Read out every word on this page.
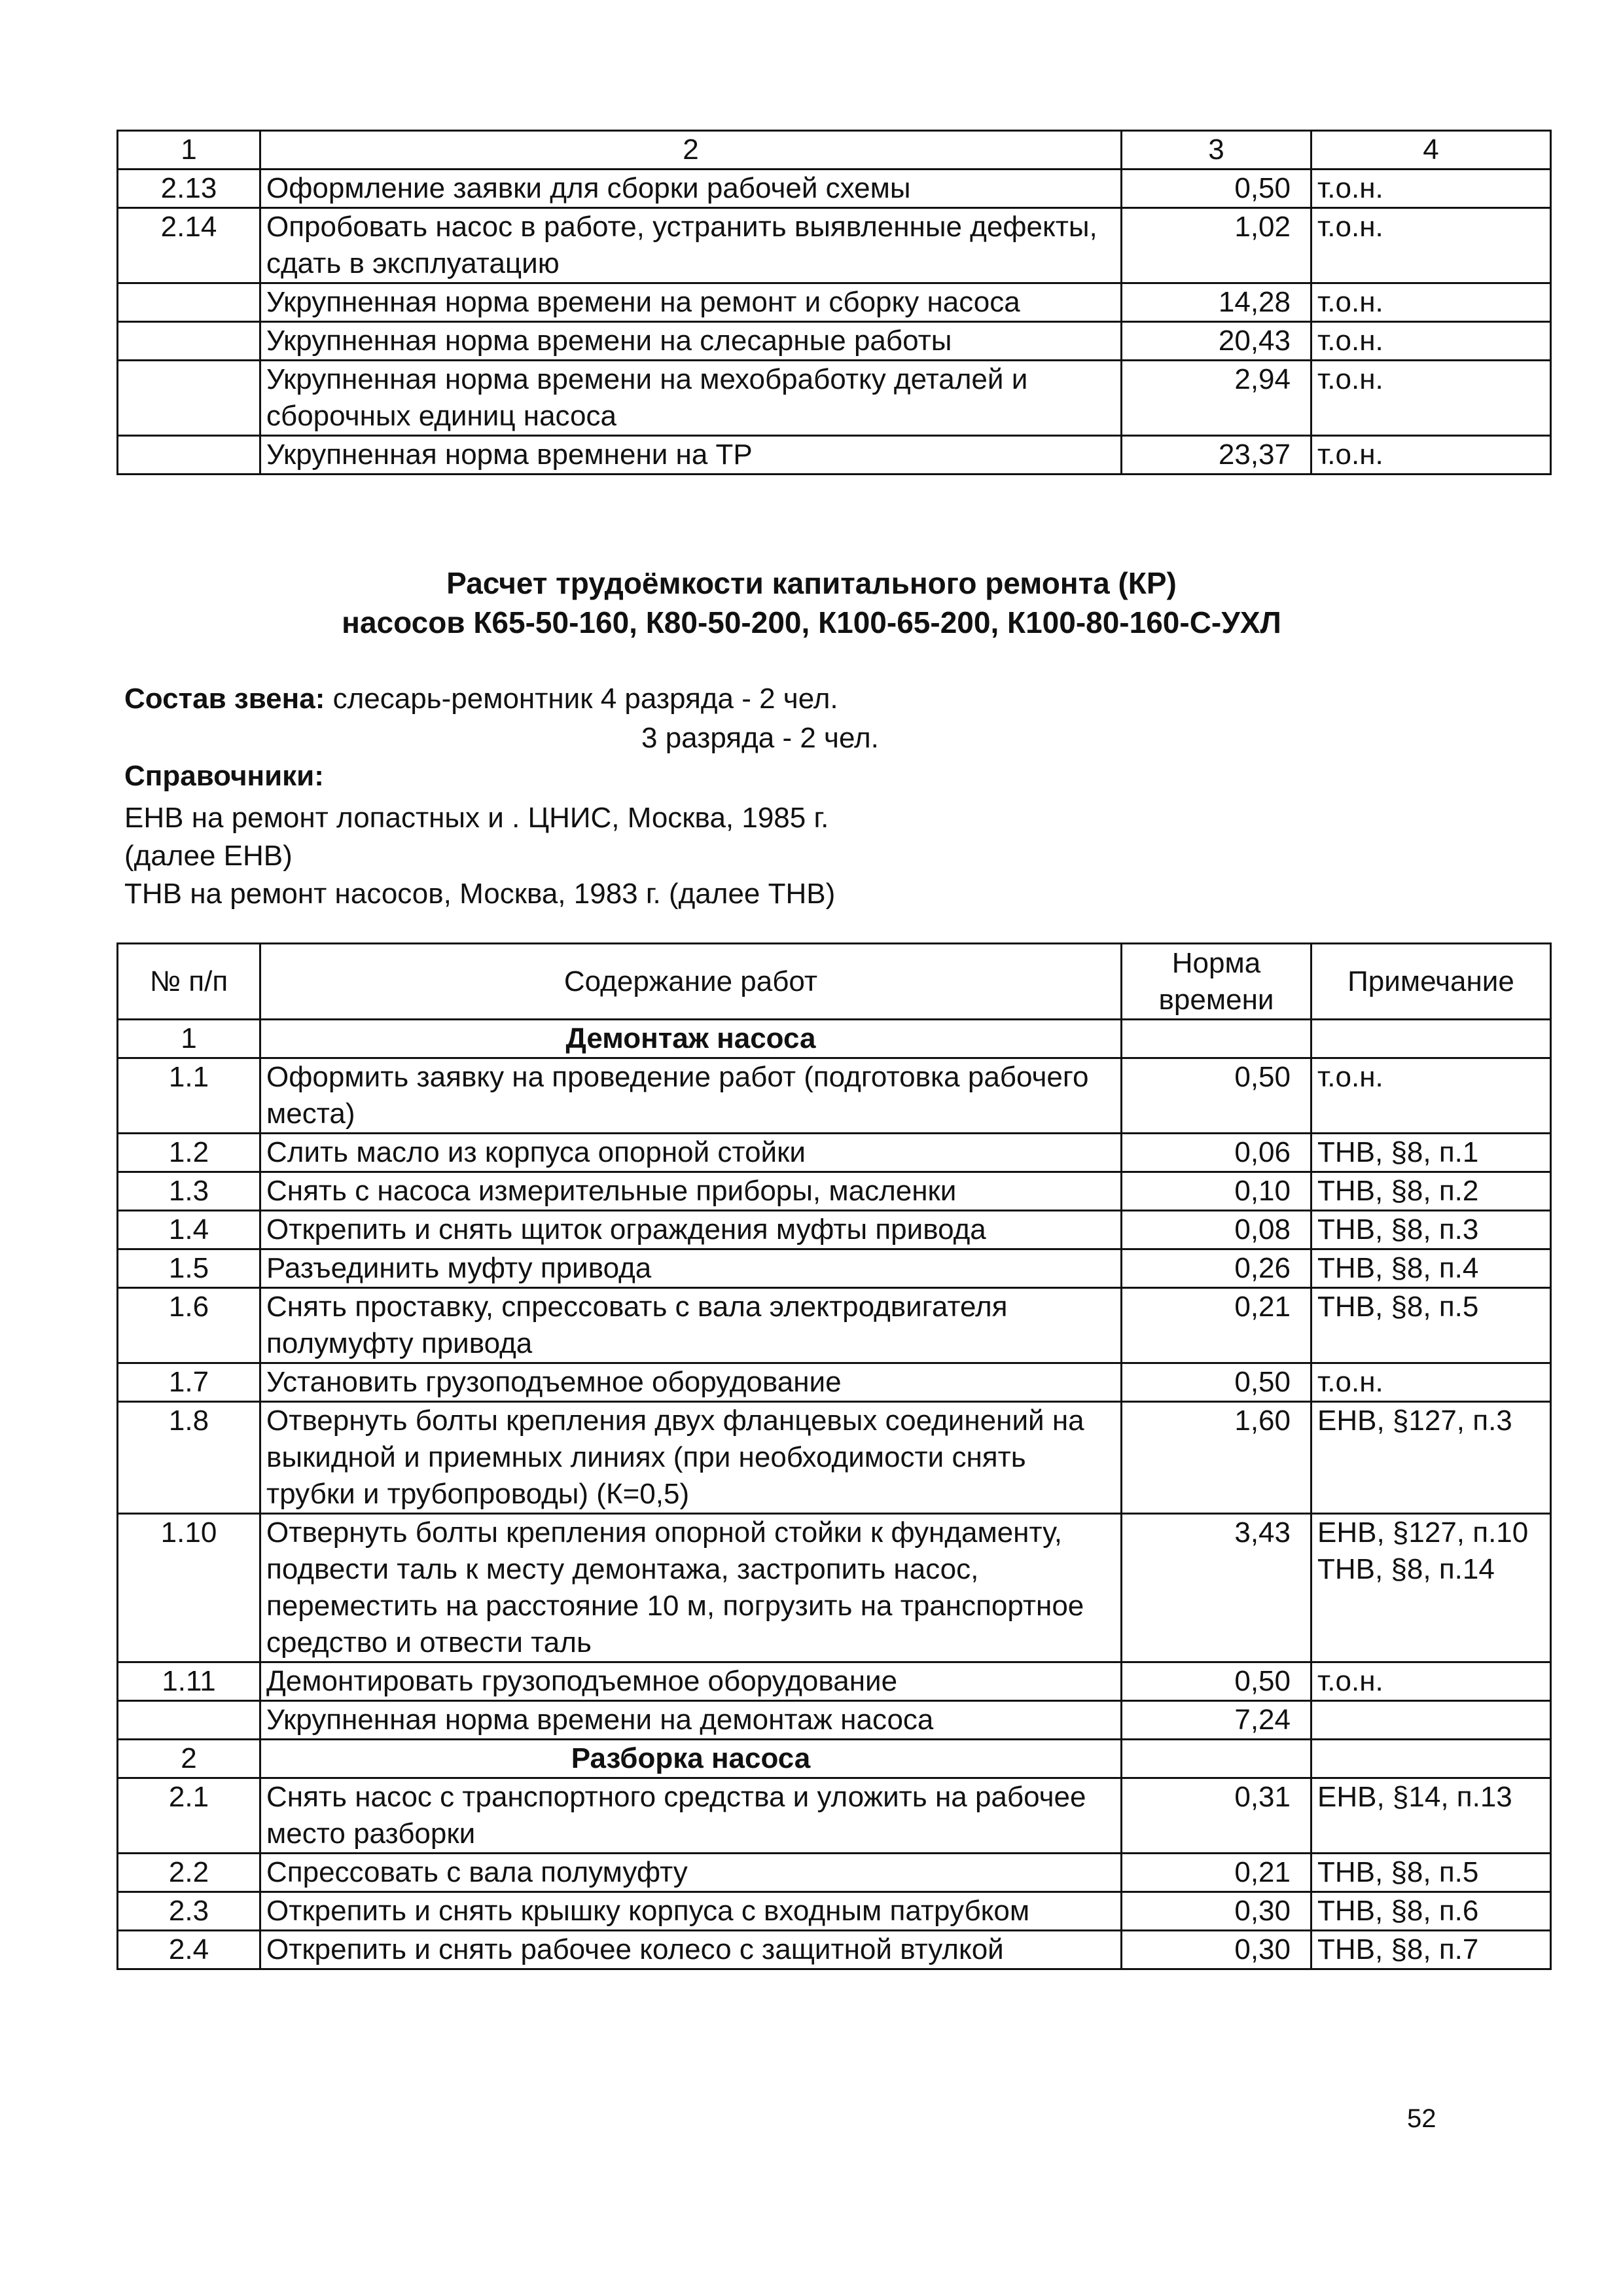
1	2	3	4
2.13	Оформление заявки для сборки рабочей схемы	0,50	т.о.н.
2.14	Опробовать насос в работе, устранить выявленные дефекты, сдать в эксплуатацию	1,02	т.о.н.
	Укрупненная норма времени на ремонт и сборку насоса	14,28	т.о.н.
	Укрупненная норма времени на слесарные работы	20,43	т.о.н.
	Укрупненная норма времени на мехобработку деталей и сборочных единиц насоса	2,94	т.о.н.
	Укрупненная норма времнени на ТР	23,37	т.о.н.
Расчет трудоёмкости капитального ремонта (КР)
насосов К65-50-160, К80-50-200, К100-65-200, К100-80-160-С-УХЛ
Состав звена: слесарь-ремонтник 4 разряда - 2 чел.
3 разряда - 2 чел.
Справочники:
ЕНВ на ремонт лопастных и . ЦНИС, Москва, 1985 г.
(далее ЕНВ)
ТНВ на ремонт насосов, Москва, 1983 г. (далее ТНВ)
№ п/п	Содержание работ	Норма времени	Примечание
1	Демонтаж насоса		
1.1	Оформить заявку на проведение работ (подготовка рабочего места)	0,50	т.о.н.
1.2	Слить масло из корпуса опорной стойки	0,06	ТНВ, §8, п.1
1.3	Снять с насоса измерительные приборы, масленки	0,10	ТНВ, §8, п.2
1.4	Открепить и снять щиток ограждения муфты привода	0,08	ТНВ, §8, п.3
1.5	Разъединить муфту привода	0,26	ТНВ, §8, п.4
1.6	Снять проставку, спрессовать с вала электродвигателя полумуфту привода	0,21	ТНВ, §8, п.5
1.7	Установить грузоподъемное оборудование	0,50	т.о.н.
1.8	Отвернуть болты крепления двух фланцевых соединений на выкидной и приемных линиях (при необходимости снять трубки и трубопроводы) (К=0,5)	1,60	ЕНВ, §127, п.3
1.10	Отвернуть болты крепления опорной стойки к фундаменту, подвести таль к месту демонтажа, застропить насос, переместить на расстояние 10 м, погрузить на транспортное средство и отвести таль	3,43	ЕНВ, §127, п.10 ТНВ, §8, п.14
1.11	Демонтировать грузоподъемное оборудование	0,50	т.о.н.
	Укрупненная норма времени на демонтаж насоса	7,24	
2	Разборка насоса		
2.1	Снять насос с транспортного средства и уложить на рабочее место разборки	0,31	ЕНВ, §14, п.13
2.2	Спрессовать с вала полумуфту	0,21	ТНВ, §8, п.5
2.3	Открепить и снять крышку корпуса с входным патрубком	0,30	ТНВ, §8, п.6
2.4	Открепить и снять рабочее колесо с защитной втулкой	0,30	ТНВ, §8, п.7
52
